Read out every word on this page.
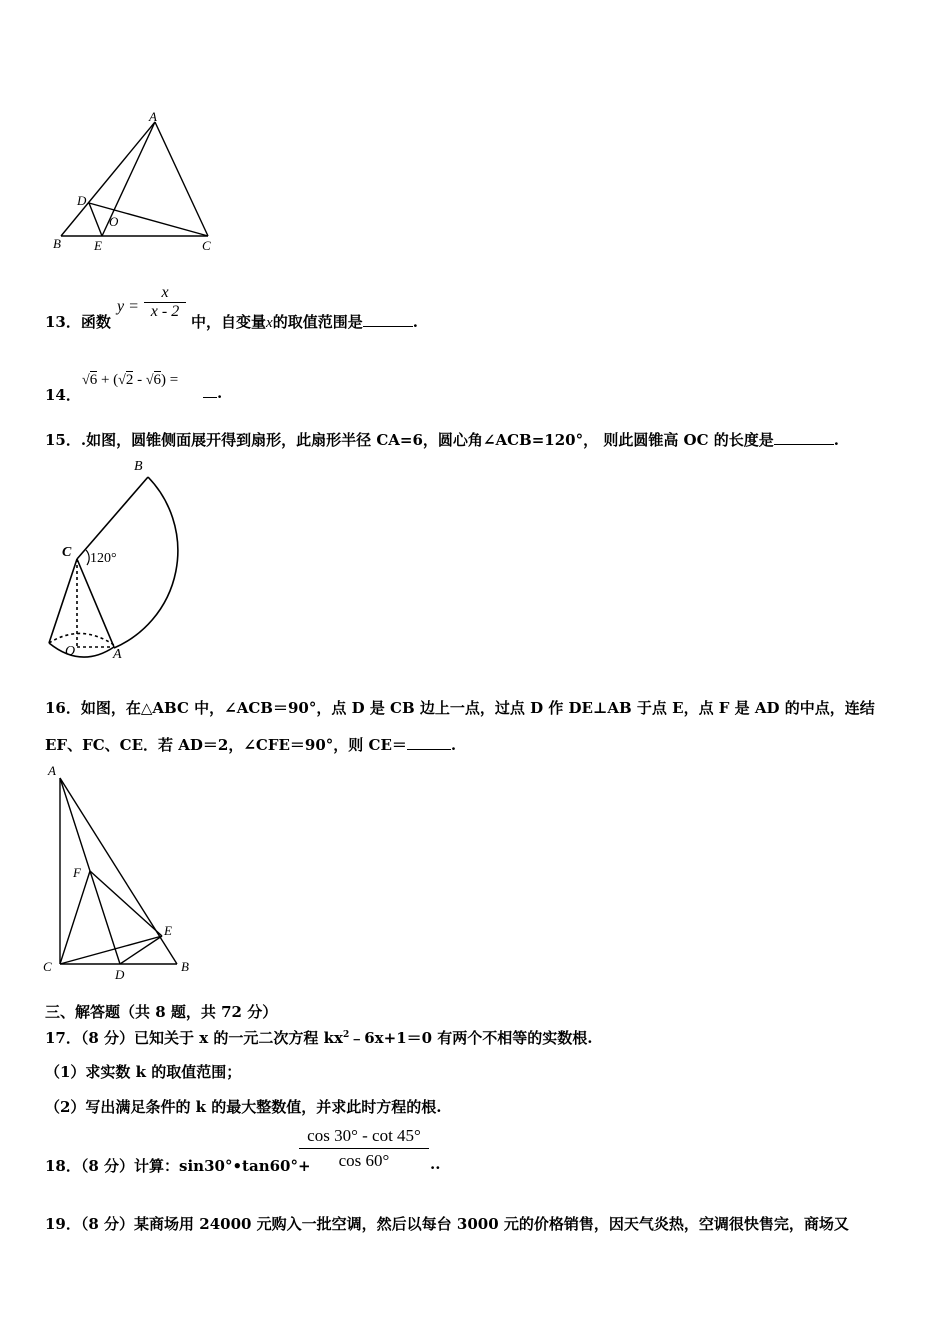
A
D
O
B	E	C
13．函数
y =
x
x - 2
中，自变量x的取值范围是	.
14．
√6 + (√2 - √6) =
.
15．.如图，圆锥侧面展开得到扇形，此扇形半径 CA=6，圆心角∠ACB=120°， 则此圆锥高 OC 的长度是	.
B
C 120°
O	A
16．如图，在△ABC 中，∠ACB＝90°，点 D 是 CB 边上一点，过点 D 作 DE⊥AB 于点 E，点 F 是 AD 的中点，连结
EF、FC、CE．若 AD＝2，∠CFE＝90°，则 CE＝	.
A
F
E
C
D
B
三、解答题（共 8 题，共 72 分）
17．（8 分）已知关于 x 的一元二次方程 $kx^2﹣6x+1=0$ 有两个不相等的实数根.
（1）求实数 k 的取值范围；
（2）写出满足条件的 k 的最大整数值，并求此时方程的根.
18．（8 分）计算：sin30°•tan60°+
cos 30° - cot 45°
cos 60°	..
19．（8 分）某商场用 24000 元购入一批空调，然后以每台 3000 元的价格销售，因天气炎热，空调很快售完，商场又
